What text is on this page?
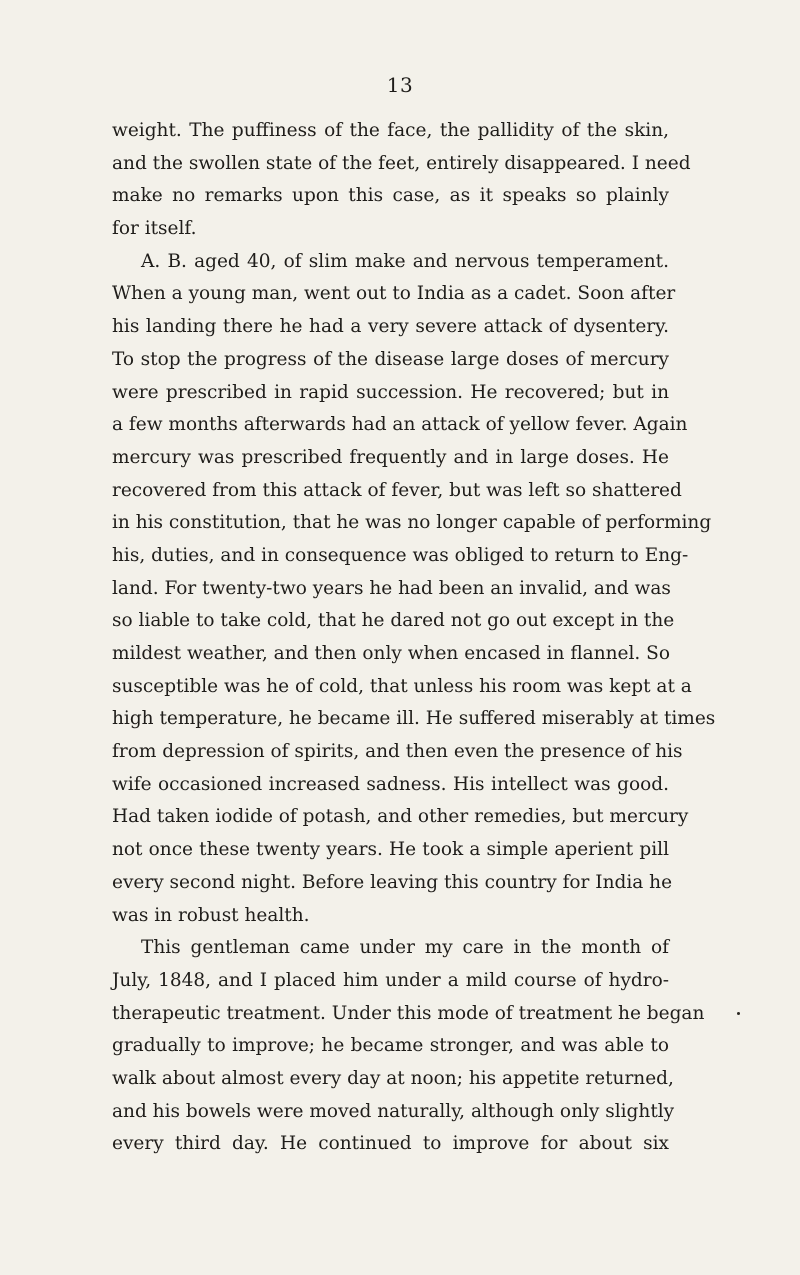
13
weight. The puffiness of the face, the pallidity of the skin,
and the swollen state of the feet, entirely disappeared. I need
make no remarks upon this case, as it speaks so plainly
for itself.
A. B. aged 40, of slim make and nervous temperament.
When a young man, went out to India as a cadet. Soon after
his landing there he had a very severe attack of dysentery.
To stop the progress of the disease large doses of mercury
were prescribed in rapid succession. He recovered; but in
a few months afterwards had an attack of yellow fever. Again
mercury was prescribed frequently and in large doses. He
recovered from this attack of fever, but was left so shattered
in his constitution, that he was no longer capable of performing
his, duties, and in consequence was obliged to return to Eng-
land. For twenty-two years he had been an invalid, and was
so liable to take cold, that he dared not go out except in the
mildest weather, and then only when encased in flannel. So
susceptible was he of cold, that unless his room was kept at a
high temperature, he became ill. He suffered miserably at times
from depression of spirits, and then even the presence of his
wife occasioned increased sadness. His intellect was good.
Had taken iodide of potash, and other remedies, but mercury
not once these twenty years. He took a simple aperient pill
every second night. Before leaving this country for India he
was in robust health.
This gentleman came under my care in the month of
July, 1848, and I placed him under a mild course of hydro-
therapeutic treatment. Under this mode of treatment he began
gradually to improve; he became stronger, and was able to
walk about almost every day at noon; his appetite returned,
and his bowels were moved naturally, although only slightly
every third day. He continued to improve for about six
